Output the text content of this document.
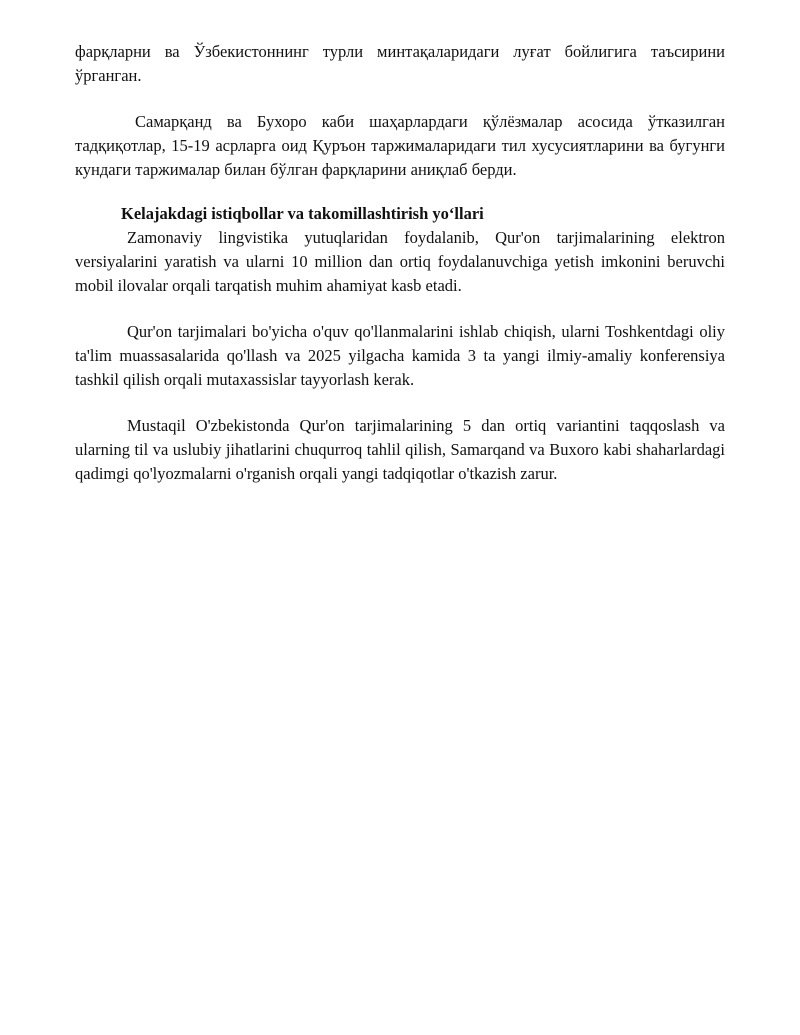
фарқларни ва Ўзбекистоннинг турли минтақаларидаги луғат бойлигига таъсирини ўрганган.

Самарқанд ва Бухоро каби шаҳарлардаги қўлёзмалар асосида ўтказилган тадқиқотлар, 15-19 асрларга оид Қуръон таржималаридаги тил хусусиятларини ва бугунги кундаги таржималар билан бўлган фарқларини аниқлаб берди.

Kelajakdagi istiqbollar va takomillashtirish yo‘llari

Zamonaviy lingvistika yutuqlaridan foydalanib, Qur'on tarjimalarining elektron versiyalarini yaratish va ularni 10 million dan ortiq foydalanuvchiga yetish imkonini beruvchi mobil ilovalar orqali tarqatish muhim ahamiyat kasb etadi.

Qur'on tarjimalari bo'yicha o'quv qo'llanmalarini ishlab chiqish, ularni Toshkentdagi oliy ta'lim muassasalarida qo'llash va 2025 yilgacha kamida 3 ta yangi ilmiy-amaliy konferensiya tashkil qilish orqali mutaxassislar tayyorlash kerak.

Mustaqil O'zbekistonda Qur'on tarjimalarining 5 dan ortiq variantini taqqoslash va ularning til va uslubiy jihatlarini chuqurroq tahlil qilish, Samarqand va Buxoro kabi shaharlardagi qadimgi qo'lyozmalarni o'rganish orqali yangi tadqiqotlar o'tkazish zarur.
